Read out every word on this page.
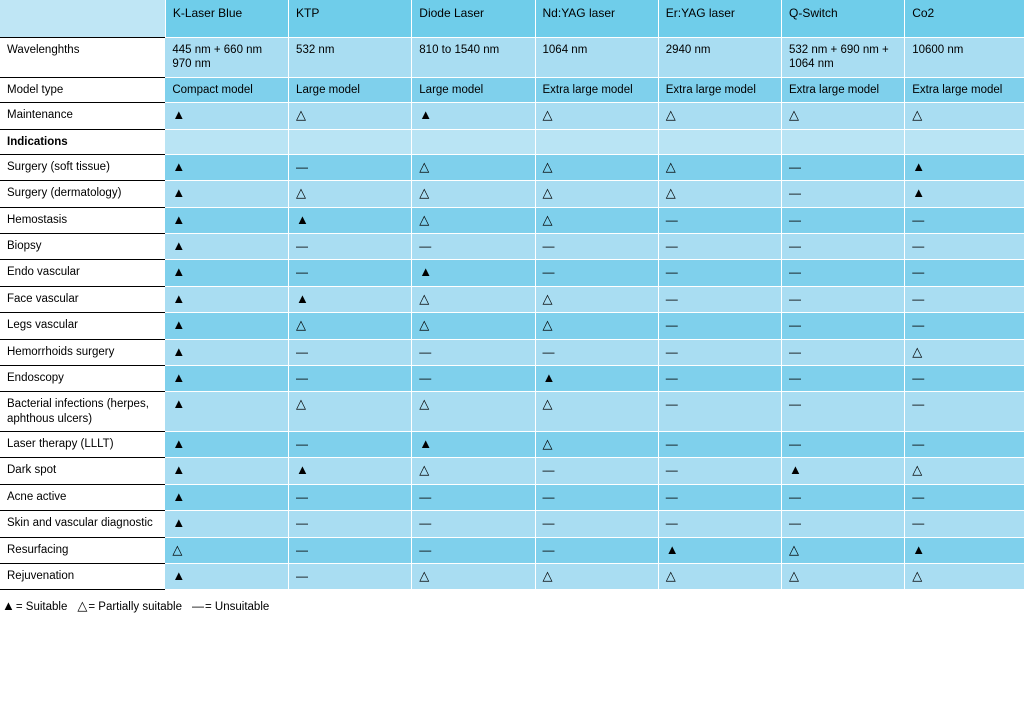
	K-Laser Blue	KTP	Diode Laser	Nd:YAG laser	Er:YAG laser	Q-Switch	Co2
Wavelenghths	445 nm + 660 nm 970 nm	532 nm	810 to 1540 nm	1064 nm	2940 nm	532 nm + 690 nm + 1064 nm	10600 nm
Model type	Compact model	Large model	Large model	Extra large model	Extra large model	Extra large model	Extra large model
Maintenance	▲	△	▲	△	△	△	△
Indications							
Surgery (soft tissue)	▲	—	△	△	△	—	▲
Surgery (dermatology)	▲	△	△	△	△	—	▲
Hemostasis	▲	▲	△	△	—	—	—
Biopsy	▲	—	—	—	—	—	—
Endo vascular	▲	—	▲	—	—	—	—
Face vascular	▲	▲	△	△	—	—	—
Legs vascular	▲	△	△	△	—	—	—
Hemorrhoids surgery	▲	—	—	—	—	—	△
Endoscopy	▲	—	—	▲	—	—	—
Bacterial infections (herpes, aphthous ulcers)	▲	△	△	△	—	—	—
Laser therapy (LLLT)	▲	—	▲	△	—	—	—
Dark spot	▲	▲	△	—	—	▲	△
Acne active	▲	—	—	—	—	—	—
Skin and vascular diagnostic	▲	—	—	—	—	—	—
Resurfacing	△	—	—	—	▲	△	▲
Rejuvenation	▲	—	△	△	△	△	△
▲= Suitable △ = Partially suitable — = Unsuitable
